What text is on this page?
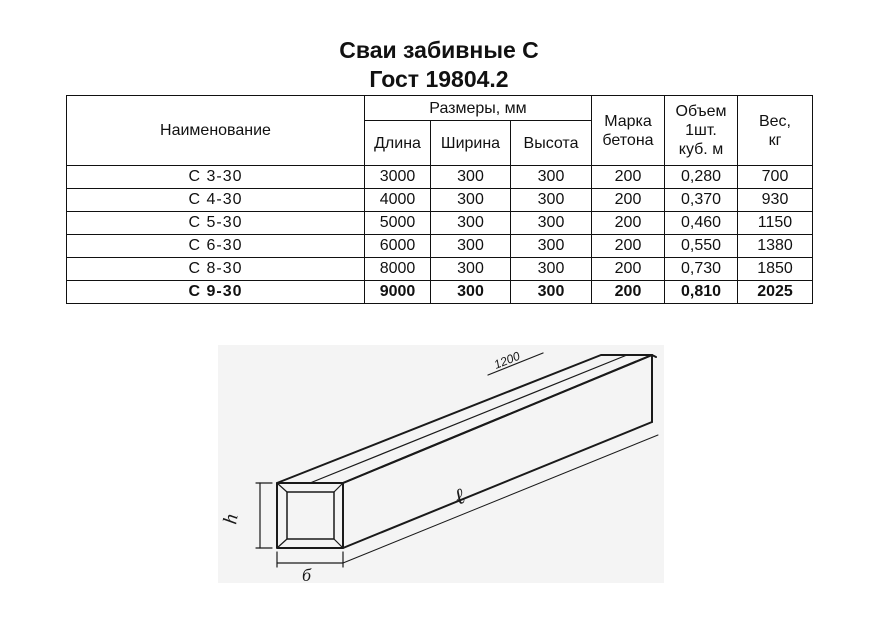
Сваи забивные С
Гост 19804.2
Наименование	Размеры, мм			Марка бетона	Объем 1шт. куб. м	Вес, кг
	Длина	Ширина	Высота			
С 3-30	3000	300	300	200	0,280	700
С 4-30	4000	300	300	200	0,370	930
С 5-30	5000	300	300	200	0,460	1150
С 6-30	6000	300	300	200	0,550	1380
С 8-30	8000	300	300	200	0,730	1850
С 9-30	9000	300	300	200	0,810	2025
1200
ℓ
h
б
